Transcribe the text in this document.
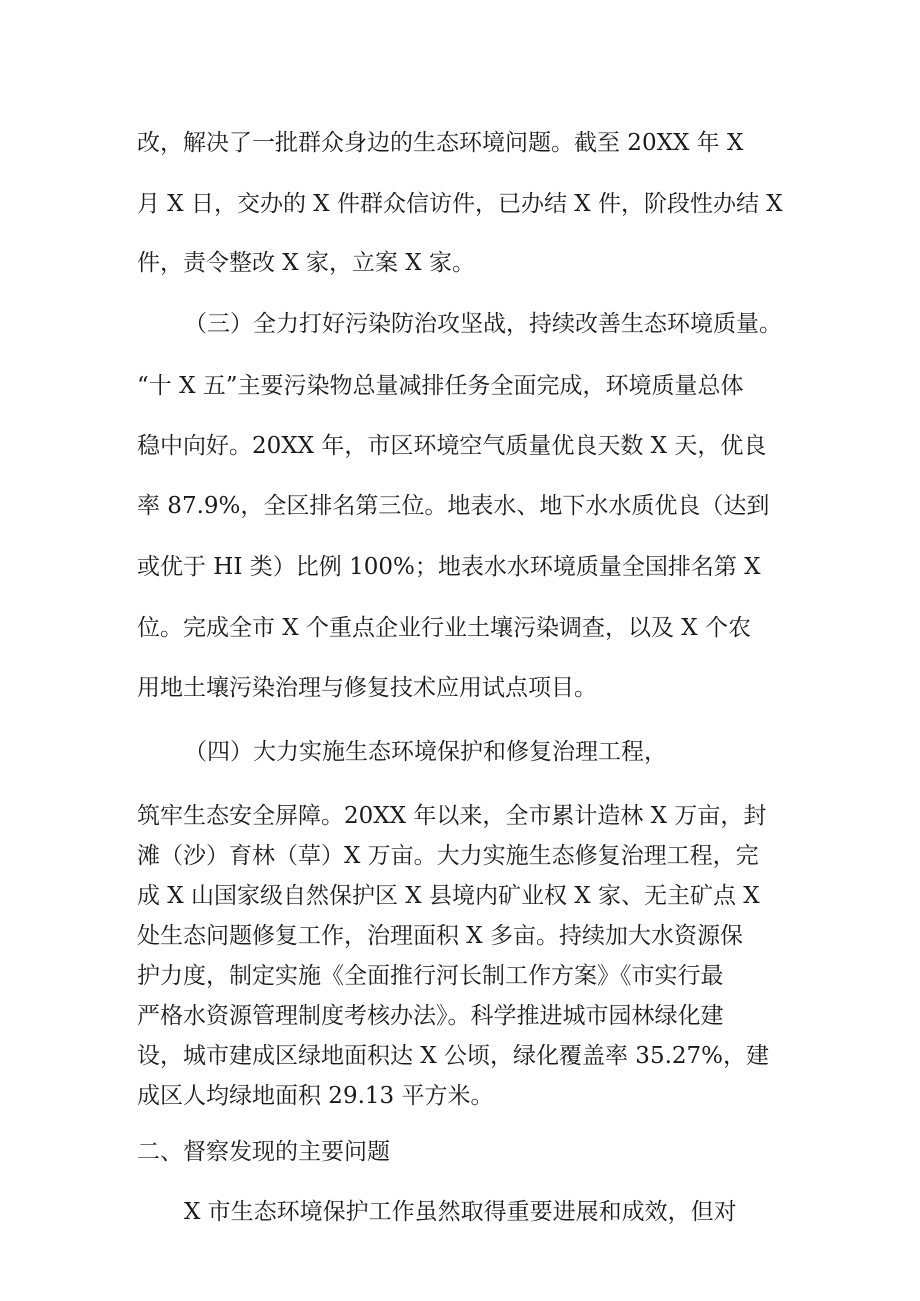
改，解决了一批群众身边的生态环境问题。截至 20XX 年 X
月 X 日，交办的 X 件群众信访件，已办结 X 件，阶段性办结 X
件，责令整改 X 家，立案 X 家。
（三）全力打好污染防治攻坚战，持续改善生态环境质量。
“十 X 五”主要污染物总量减排任务全面完成，环境质量总体
稳中向好。20XX 年，市区环境空气质量优良天数 X 天，优良
率 87.9%，全区排名第三位。地表水、地下水水质优良（达到
或优于 HI 类）比例 100%；地表水水环境质量全国排名第 X
位。完成全市 X 个重点企业行业土壤污染调查，以及 X 个农
用地土壤污染治理与修复技术应用试点项目。
（四）大力实施生态环境保护和修复治理工程，
筑牢生态安全屏障。20XX 年以来，全市累计造林 X 万亩，封
滩（沙）育林（草）X 万亩。大力实施生态修复治理工程，完
成 X 山国家级自然保护区 X 县境内矿业权 X 家、无主矿点 X
处生态问题修复工作，治理面积 X 多亩。持续加大水资源保
护力度，制定实施《全面推行河长制工作方案》《市实行最
严格水资源管理制度考核办法》。科学推进城市园林绿化建
设，城市建成区绿地面积达 X 公顷，绿化覆盖率 35.27%，建
成区人均绿地面积 29.13 平方米。
二、督察发现的主要问题
X 市生态环境保护工作虽然取得重要进展和成效，但对
